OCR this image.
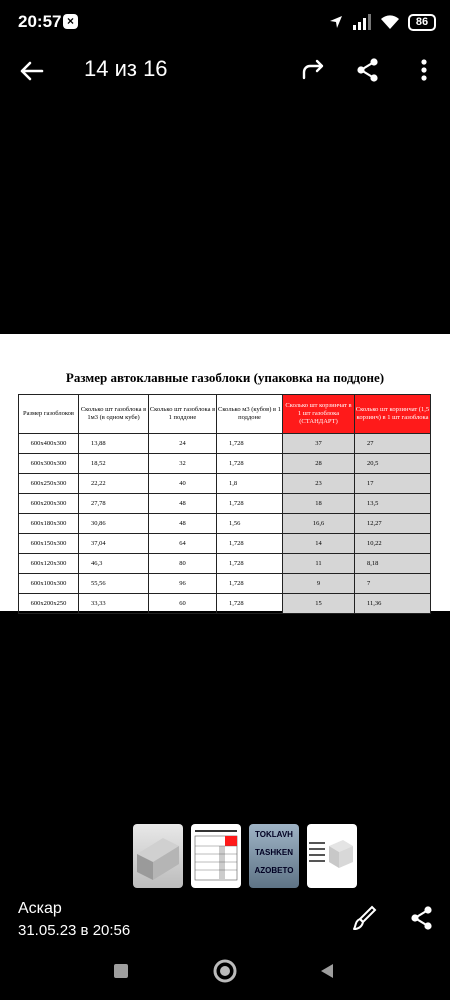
20:57 ×	86
14 из 16
Размер автоклавные газоблоки (упаковка на поддоне)
Размер газоблоков	Сколько шт газоблока в 1м3 (в одном кубе)	Сколько шт газоблока в 1 поддоне	Сколько м3 (кубов) в 1 поддоне	Сколько шт корзинчат в 1 шт газоблока (СТАНДАРТ)	Сколько шт корзинчат (1,5 корзинч) в 1 шт газоблока
600x400x300	13,88	24	1,728	37	27
600x300x300	18,52	32	1,728	28	20,5
600x250x300	22,22	40	1,8	23	17
600x200x300	27,78	48	1,728	18	13,5
600x180x300	30,86	48	1,56	16,6	12,27
600x150x300	37,04	64	1,728	14	10,22
600x120x300	46,3	80	1,728	11	8,18
600x100x300	55,56	96	1,728	9	7
600x200x250	33,33	60	1,728	15	11,36
TOKLAVH
TASHKEN
AZOBETO
Аскар
31.05.23 в 20:56
